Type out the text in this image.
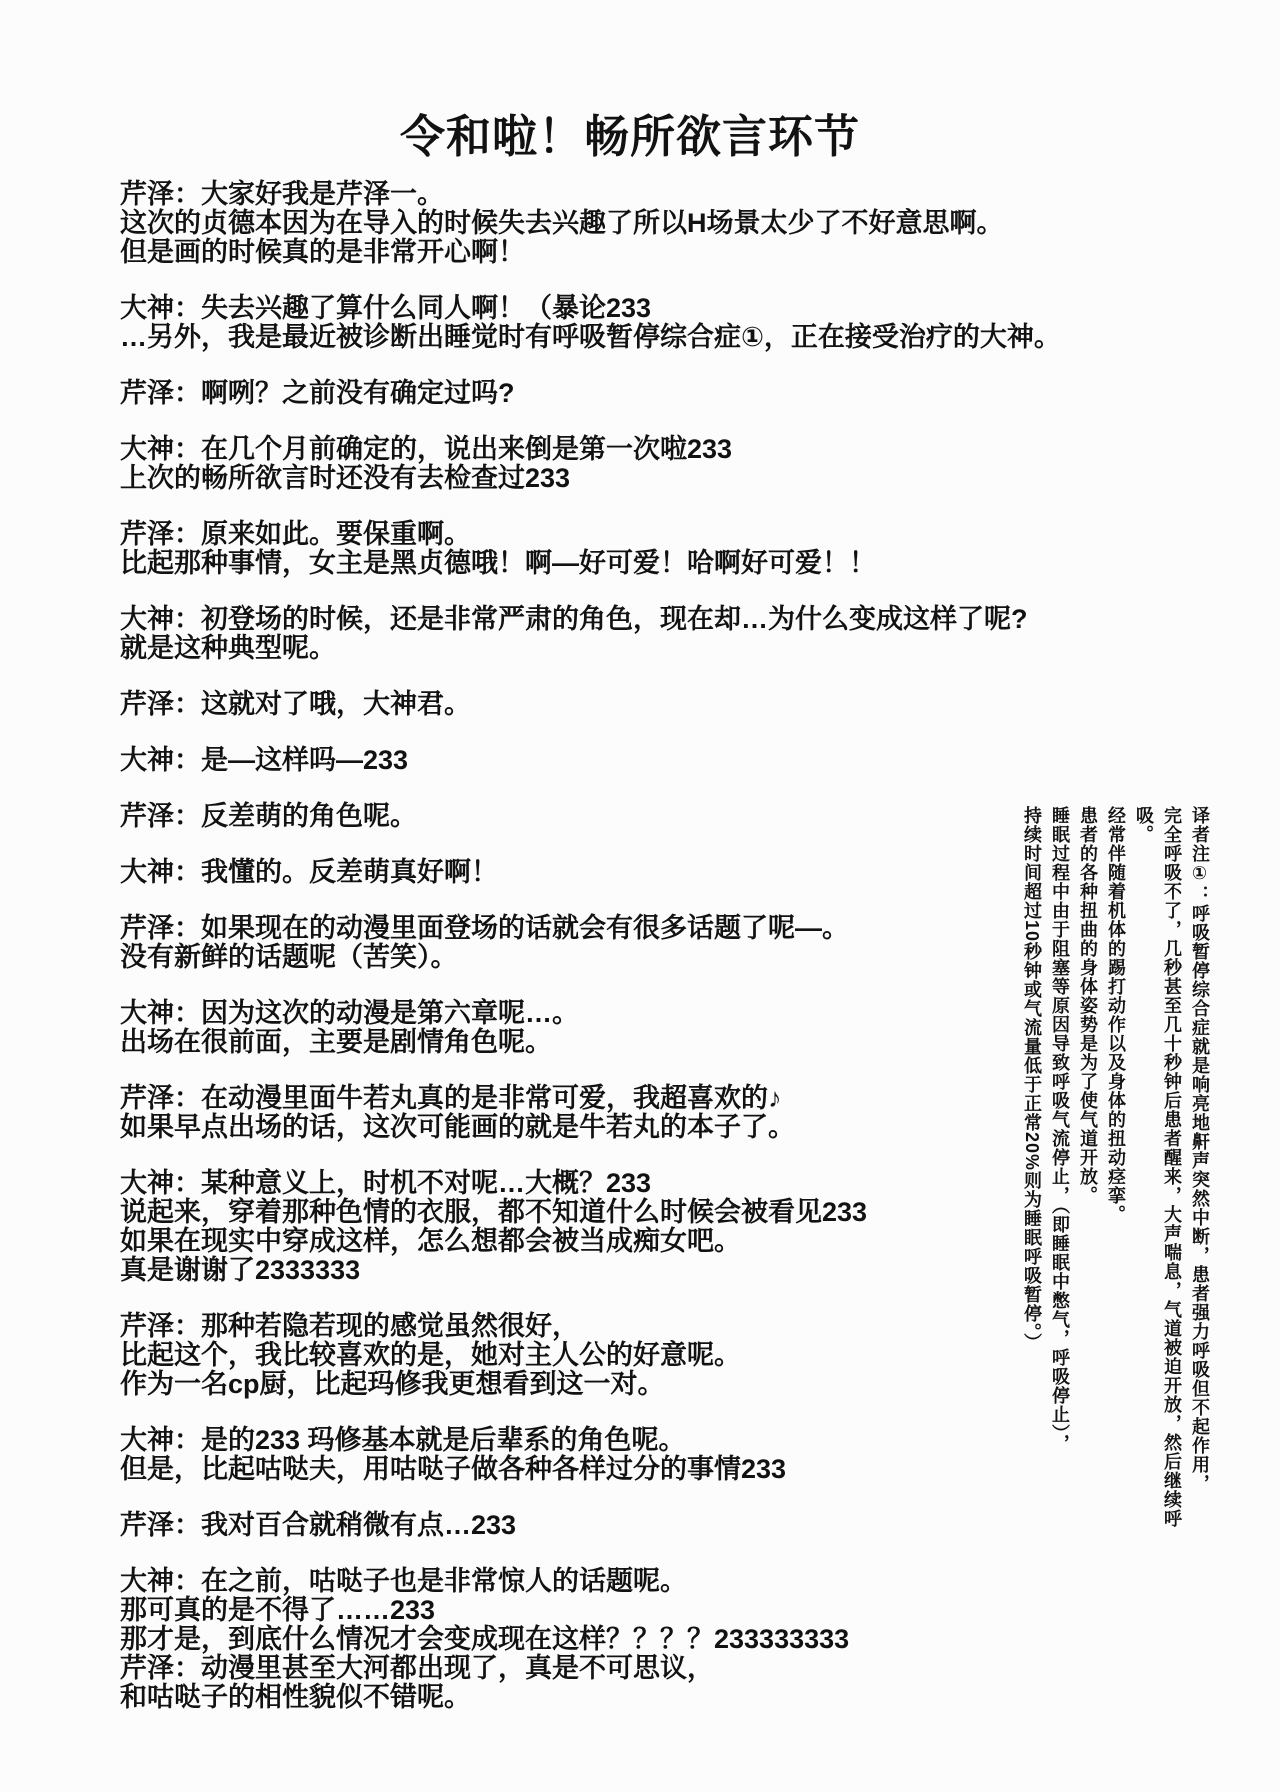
令和啦！畅所欲言环节
芹泽：大家好我是芹泽一。
这次的贞德本因为在导入的时候失去兴趣了所以H场景太少了不好意思啊。
但是画的时候真的是非常开心啊！
大神：失去兴趣了算什么同人啊！（暴论233
…另外，我是最近被诊断出睡觉时有呼吸暂停综合症①，正在接受治疗的大神。
芹泽：啊咧？之前没有确定过吗?
大神：在几个月前确定的，说出来倒是第一次啦233
上次的畅所欲言时还没有去检查过233
芹泽：原来如此。要保重啊。
比起那种事情，女主是黑贞德哦！啊—好可爱！哈啊好可爱！！
大神：初登场的时候，还是非常严肃的角色，现在却…为什么变成这样了呢?
就是这种典型呢。
芹泽：这就对了哦，大神君。
大神：是—这样吗—233
芹泽：反差萌的角色呢。
大神：我懂的。反差萌真好啊！
芹泽：如果现在的动漫里面登场的话就会有很多话题了呢—。
没有新鲜的话题呢（苦笑）。
大神：因为这次的动漫是第六章呢…。
出场在很前面，主要是剧情角色呢。
芹泽：在动漫里面牛若丸真的是非常可爱，我超喜欢的♪
如果早点出场的话，这次可能画的就是牛若丸的本子了。
大神：某种意义上，时机不对呢…大概？233
说起来，穿着那种色情的衣服，都不知道什么时候会被看见233
如果在现实中穿成这样，怎么想都会被当成痴女吧。
真是谢谢了2333333
芹泽：那种若隐若现的感觉虽然很好，
比起这个，我比较喜欢的是，她对主人公的好意呢。
作为一名cp厨，比起玛修我更想看到这一对。
大神：是的233 玛修基本就是后辈系的角色呢。
但是，比起咕哒夫，用咕哒子做各种各样过分的事情233
芹泽：我对百合就稍微有点…233
大神：在之前，咕哒子也是非常惊人的话题呢。
那可真的是不得了……233
那才是，到底什么情况才会变成现在这样？？？？233333333
芹泽：动漫里甚至大河都出现了，真是不可思议，
和咕哒子的相性貌似不错呢。

译者注①：呼吸暂停综合症就是响亮地鼾声突然中断，患者强力呼吸但不起作用，

完全呼吸不了，几秒甚至几十秒钟后患者醒来，大声喘息，气道被迫开放，然后继续呼吸。

经常伴随着机体的踢打动作以及身体的扭动痉挛。

患者的各种扭曲的身体姿势是为了使气道开放。

睡眠过程中由于阻塞等原因导致呼吸气流停止，（即睡眠中憋气，呼吸停止），

持续时间超过10秒钟或气流量低于正常20%则为睡眠呼吸暂停。）
